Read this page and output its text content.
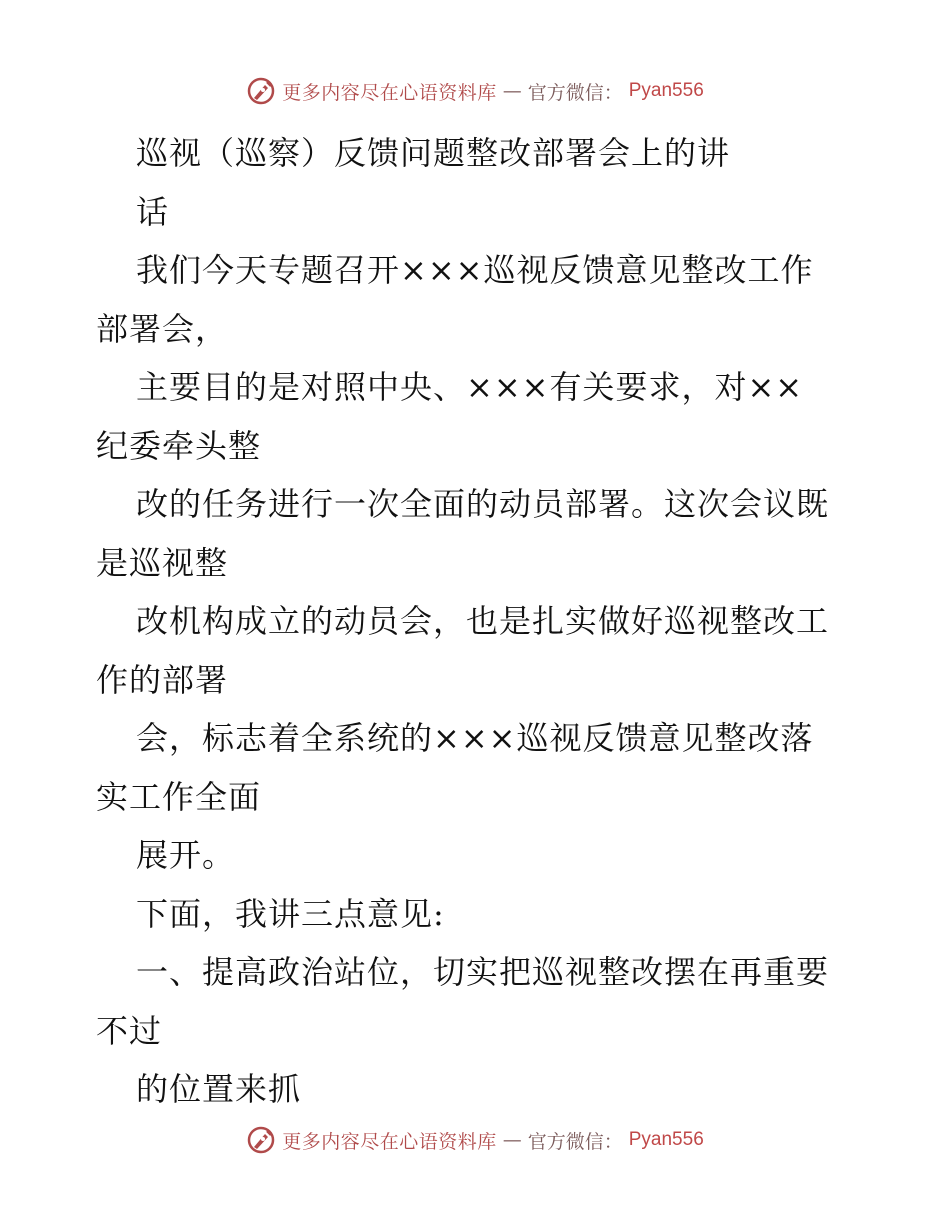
更多内容尽在心语资料库 — 官方微信： Pyan556
巡视（巡察）反馈问题整改部署会上的讲
话
我们今天专题召开×××巡视反馈意见整改工作
部署会，
主要目的是对照中央、×××有关要求，对××
纪委牵头整
改的任务进行一次全面的动员部署。这次会议既
是巡视整
改机构成立的动员会，也是扎实做好巡视整改工
作的部署
会，标志着全系统的×××巡视反馈意见整改落
实工作全面
展开。
下面，我讲三点意见:
一、提高政治站位，切实把巡视整改摆在再重要
不过
的位置来抓
更多内容尽在心语资料库 — 官方微信： Pyan556
